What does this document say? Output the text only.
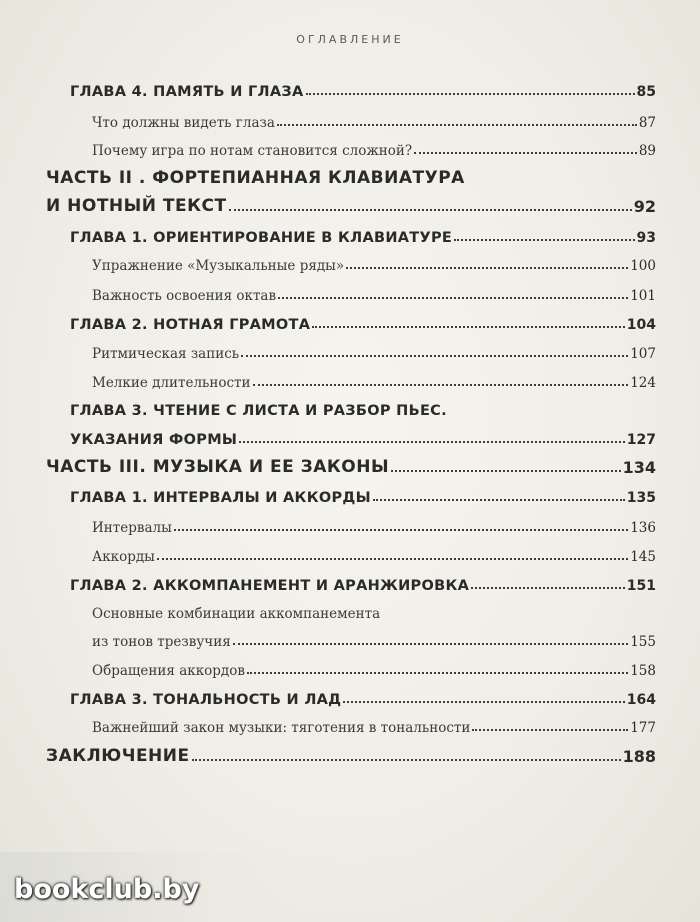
ОГЛАВЛЕНИЕ
ГЛАВА 4. ПАМЯТЬ И ГЛАЗА	85
Что должны видеть глаза	87
Почему игра по нотам становится сложной?	89
ЧАСТЬ II . ФОРТЕПИАННАЯ КЛАВИАТУРА
И НОТНЫЙ ТЕКСТ	92
ГЛАВА 1. ОРИЕНТИРОВАНИЕ В КЛАВИАТУРЕ	93
Упражнение «Музыкальные ряды»	100
Важность освоения октав	101
ГЛАВА 2. НОТНАЯ ГРАМОТА	104
Ритмическая запись	107
Мелкие длительности	124
ГЛАВА 3. ЧТЕНИЕ С ЛИСТА И РАЗБОР ПЬЕС.
УКАЗАНИЯ ФОРМЫ	127
ЧАСТЬ III. МУЗЫКА И ЕЕ ЗАКОНЫ	134
ГЛАВА 1. ИНТЕРВАЛЫ И АККОРДЫ	135
Интервалы	136
Аккорды	145
ГЛАВА 2. АККОМПАНЕМЕНТ И АРАНЖИРОВКА	151
Основные комбинации аккомпанемента
из тонов трезвучия	155
Обращения аккордов	158
ГЛАВА 3. ТОНАЛЬНОСТЬ И ЛАД	164
Важнейший закон музыки: тяготения в тональности	177
ЗАКЛЮЧЕНИЕ	188
bookclub.by
